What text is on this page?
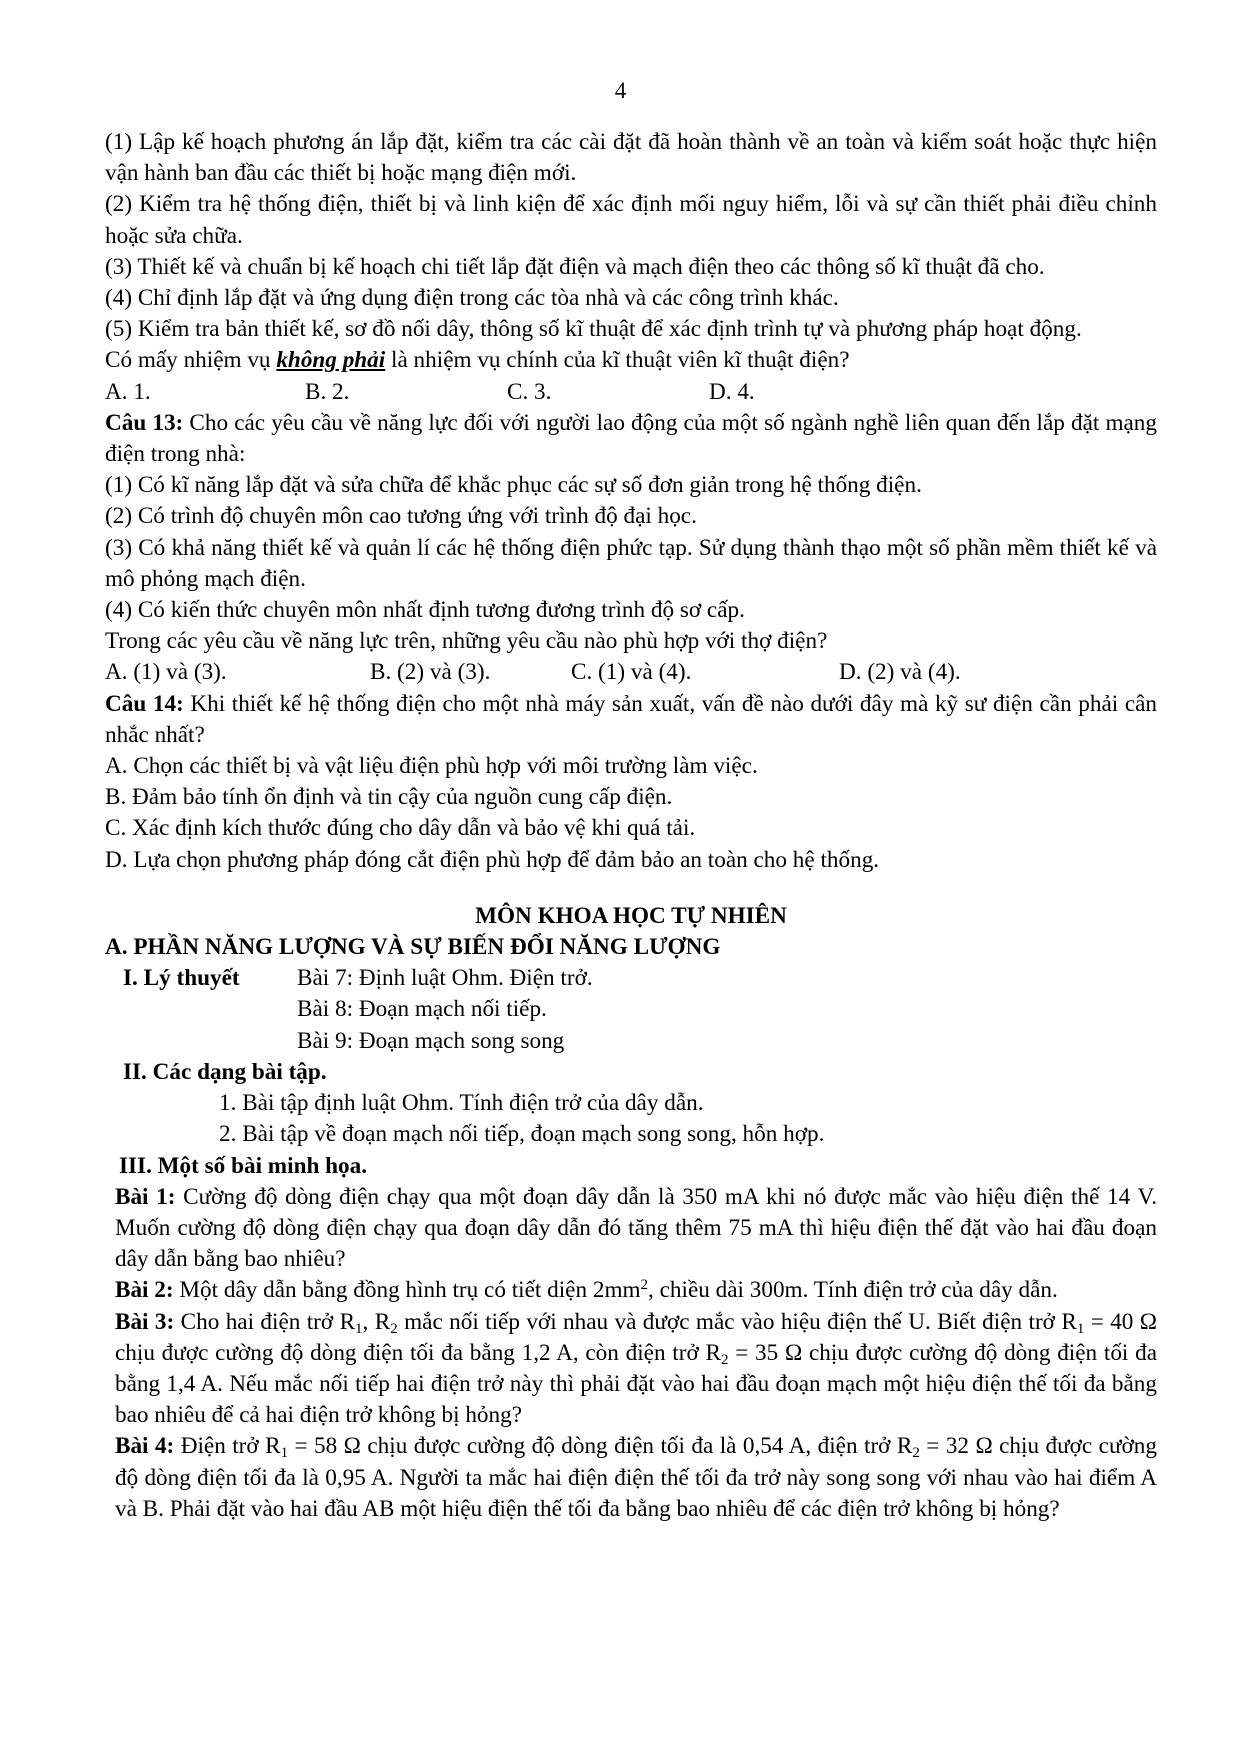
4

(1) Lập kế hoạch phương án lắp đặt, kiểm tra các cài đặt đã hoàn thành về an toàn và kiểm soát hoặc thực hiện vận hành ban đầu các thiết bị hoặc mạng điện mới.

(2) Kiểm tra hệ thống điện, thiết bị và linh kiện để xác định mối nguy hiểm, lỗi và sự cần thiết phải điều chỉnh hoặc sửa chữa.

(3) Thiết kế và chuẩn bị kế hoạch chi tiết lắp đặt điện và mạch điện theo các thông số kĩ thuật đã cho.

(4) Chỉ định lắp đặt và ứng dụng điện trong các tòa nhà và các công trình khác.

(5) Kiểm tra bản thiết kế, sơ đồ nối dây, thông số kĩ thuật để xác định trình tự và phương pháp hoạt động.

Có mấy nhiệm vụ không phải là nhiệm vụ chính của kĩ thuật viên kĩ thuật điện?

A. 1.	B. 2.	C. 3.	D. 4.

Câu 13: Cho các yêu cầu về năng lực đối với người lao động của một số ngành nghề liên quan đến lắp đặt mạng điện trong nhà:

(1) Có kĩ năng lắp đặt và sửa chữa để khắc phục các sự số đơn giản trong hệ thống điện.

(2) Có trình độ chuyên môn cao tương ứng với trình độ đại học.

(3) Có khả năng thiết kế và quản lí các hệ thống điện phức tạp. Sử dụng thành thạo một số phần mềm thiết kế và mô phỏng mạch điện.

(4) Có kiến thức chuyên môn nhất định tương đương trình độ sơ cấp.

Trong các yêu cầu về năng lực trên, những yêu cầu nào phù hợp với thợ điện?

A. (1) và (3).	B. (2) và (3).	C. (1) và (4).	D. (2) và (4).

Câu 14: Khi thiết kế hệ thống điện cho một nhà máy sản xuất, vấn đề nào dưới đây mà kỹ sư điện cần phải cân nhắc nhất?

A. Chọn các thiết bị và vật liệu điện phù hợp với môi trường làm việc.

B. Đảm bảo tính ổn định và tin cậy của nguồn cung cấp điện.

C. Xác định kích thước đúng cho dây dẫn và bảo vệ khi quá tải.

D. Lựa chọn phương pháp đóng cắt điện phù hợp để đảm bảo an toàn cho hệ thống.

MÔN KHOA HỌC TỰ NHIÊN

A. PHẦN NĂNG LƯỢNG VÀ SỰ BIẾN ĐỔI NĂNG LƯỢNG

I. Lý thuyết	Bài 7: Định luật Ohm. Điện trở.

Bài 8: Đoạn mạch nối tiếp.

Bài 9: Đoạn mạch song song

II. Các dạng bài tập.

1. Bài tập định luật Ohm. Tính điện trở của dây dẫn.

2. Bài tập về đoạn mạch nối tiếp, đoạn mạch song song, hỗn hợp.

III. Một số bài minh họa.

Bài 1: Cường độ dòng điện chạy qua một đoạn dây dẫn là 350 mA khi nó được mắc vào hiệu điện thế 14 V. Muốn cường độ dòng điện chạy qua đoạn dây dẫn đó tăng thêm 75 mA thì hiệu điện thế đặt vào hai đầu đoạn dây dẫn bằng bao nhiêu?

Bài 2: Một dây dẫn bằng đồng hình trụ có tiết diện $2mm^2$, chiều dài 300m. Tính điện trở của dây dẫn.

Bài 3: Cho hai điện trở $R_1$, $R_2$ mắc nối tiếp với nhau và được mắc vào hiệu điện thế U. Biết điện trở $R_1 = 40$ Ω chịu được cường độ dòng điện tối đa bằng 1,2 A, còn điện trở $R_2 = 35$ Ω chịu được cường độ dòng điện tối đa bằng 1,4 A. Nếu mắc nối tiếp hai điện trở này thì phải đặt vào hai đầu đoạn mạch một hiệu điện thế tối đa bằng bao nhiêu để cả hai điện trở không bị hỏng?

Bài 4: Điện trở $R_1 = 58$ Ω chịu được cường độ dòng điện tối đa là 0,54 A, điện trở $R_2 = 32$ Ω chịu được cường độ dòng điện tối đa là 0,95 A. Người ta mắc hai điện điện thế tối đa trở này song song với nhau vào hai điểm A và B. Phải đặt vào hai đầu AB một hiệu điện thế tối đa bằng bao nhiêu để các điện trở không bị hỏng?
